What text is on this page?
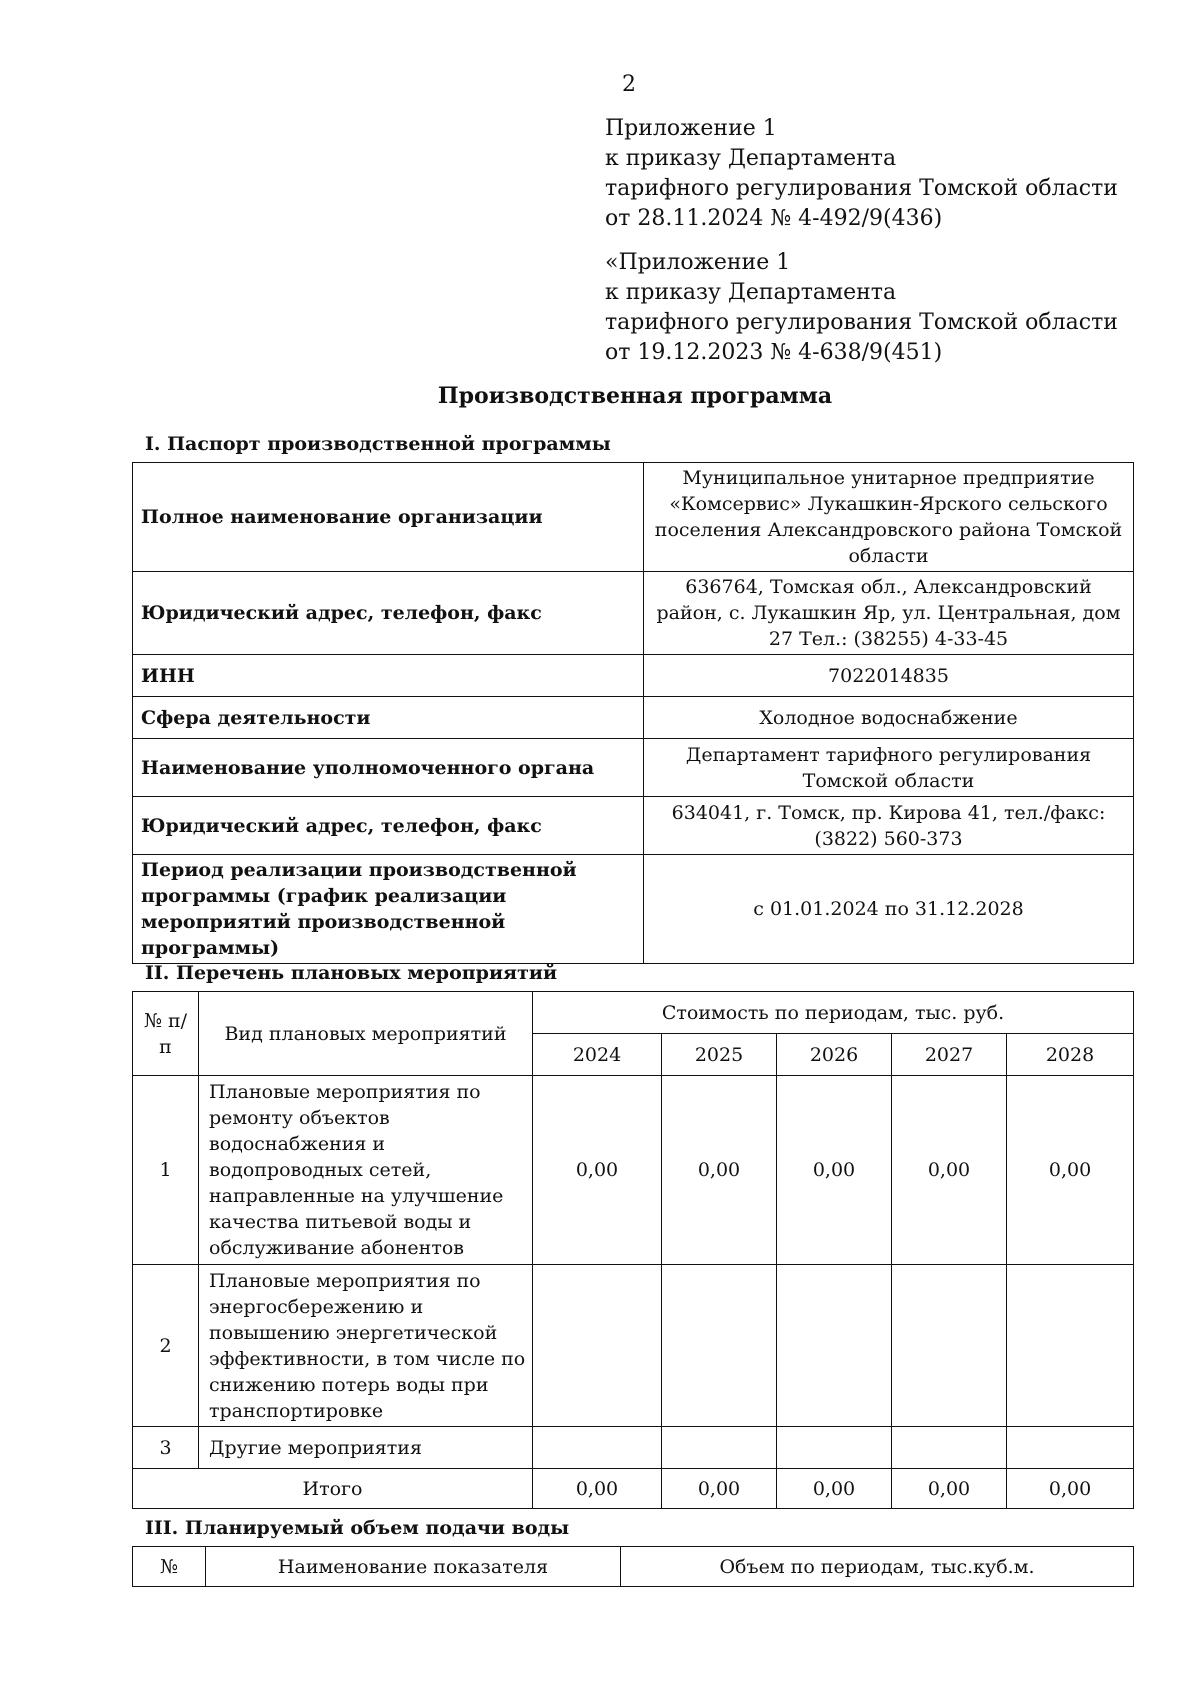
2
Приложение 1
к приказу Департамента
тарифного регулирования Томской области
от 28.11.2024 № 4-492/9(436)
«Приложение 1
к приказу Департамента
тарифного регулирования Томской области
от 19.12.2023 № 4-638/9(451)
Производственная программа
I. Паспорт производственной программы
Полное наименование организации	Муниципальное унитарное предприятие «Комсервис» Лукашкин-Ярского сельского поселения Александровского района Томской области
Юридический адрес, телефон, факс	636764, Томская обл., Александровский район, с. Лукашкин Яр, ул. Центральная, дом 27 Тел.: (38255) 4-33-45
ИНН	7022014835
Сфера деятельности	Холодное водоснабжение
Наименование уполномоченного органа	Департамент тарифного регулирования Томской области
Юридический адрес, телефон, факс	634041, г. Томск, пр. Кирова 41, тел./факс: (3822) 560-373
Период реализации производственной программы (график реализации мероприятий производственной программы)	с 01.01.2024 по 31.12.2028
II. Перечень плановых мероприятий
№ п/п	Вид плановых мероприятий	Стоимость по периодам, тыс. руб.				
		2024	2025	2026	2027	2028
1	Плановые мероприятия по ремонту объектов водоснабжения и водопроводных сетей, направленные на улучшение качества питьевой воды и обслуживание абонентов	0,00	0,00	0,00	0,00	0,00
2	Плановые мероприятия по энергосбережению и повышению энергетической эффективности, в том числе по снижению потерь воды при транспортировке					
3	Другие мероприятия					
Итого		0,00	0,00	0,00	0,00	0,00
III. Планируемый объем подачи воды
№	Наименование показателя	Объем по периодам, тыс.куб.м.
